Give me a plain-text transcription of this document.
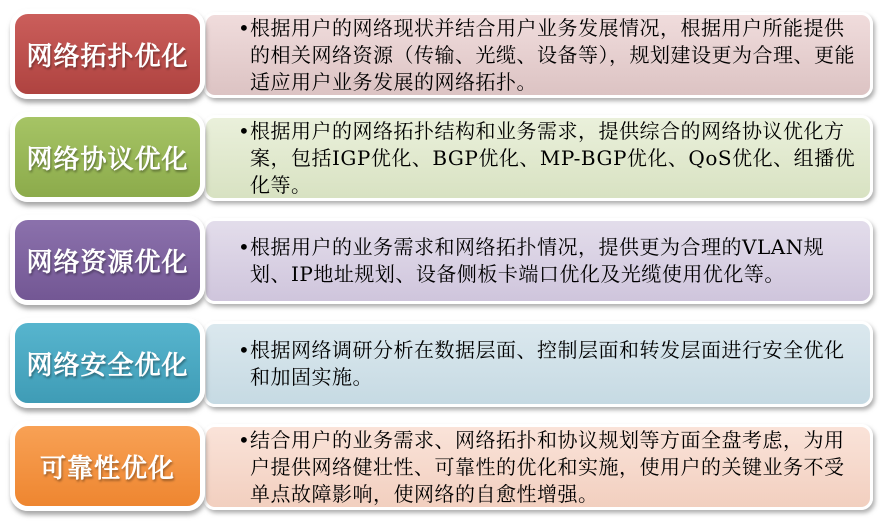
• 根据用户的网络现状并结合用户业务发展情况，根据用户所能提供的相关网络资源（传输、光缆、设备等），规划建设更为合理、更能适应用户业务发展的网络拓扑。

网络拓扑优化
• 根据用户的网络拓扑结构和业务需求，提供综合的网络协议优化方案，包括IGP优化、BGP优化、MP-BGP优化、QoS优化、组播优化等。

网络协议优化
• 根据用户的业务需求和网络拓扑情况，提供更为合理的VLAN规划、IP地址规划、设备侧板卡端口优化及光缆使用优化等。

网络资源优化
• 根据网络调研分析在数据层面、控制层面和转发层面进行安全优化和加固实施。

网络安全优化
• 结合用户的业务需求、网络拓扑和协议规划等方面全盘考虑，为用户提供网络健壮性、可靠性的优化和实施，使用户的关键业务不受单点故障影响，使网络的自愈性增强。

可靠性优化
